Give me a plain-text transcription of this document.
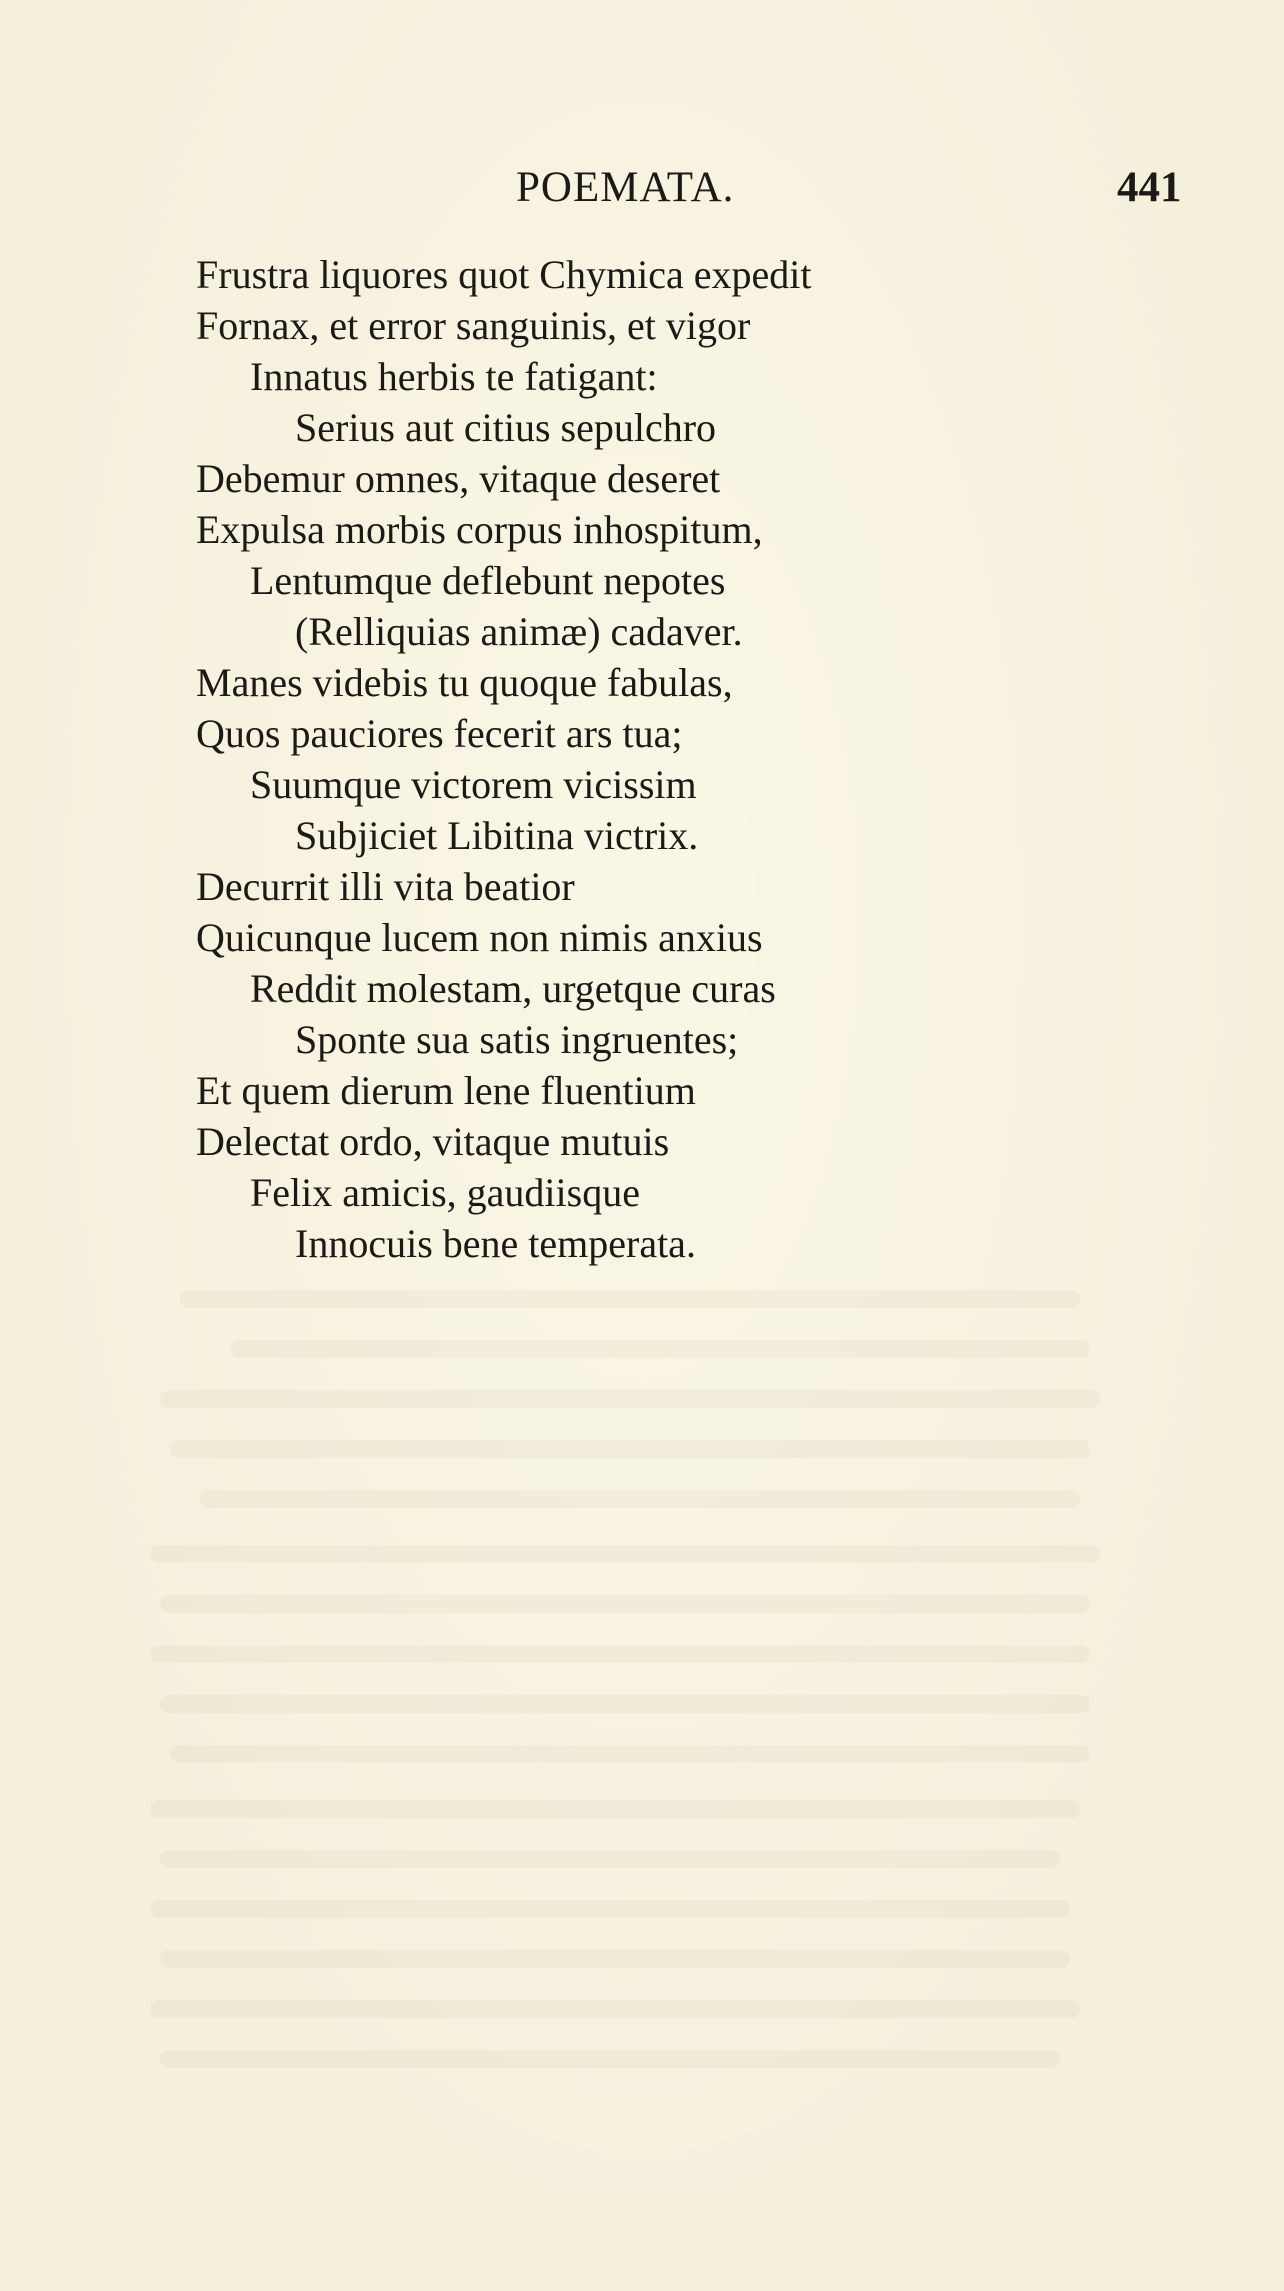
POEMATA.	441
Frustra liquores quot Chymica expedit
Fornax, et error sanguinis, et vigor
Innatus herbis te fatigant:
Serius aut citius sepulchro
Debemur omnes, vitaque deseret
Expulsa morbis corpus inhospitum,
Lentumque deflebunt nepotes
(Relliquias animæ) cadaver.
Manes videbis tu quoque fabulas,
Quos pauciores fecerit ars tua;
Suumque victorem vicissim
Subjiciet Libitina victrix.
Decurrit illi vita beatior
Quicunque lucem non nimis anxius
Reddit molestam, urgetque curas
Sponte sua satis ingruentes;
Et quem dierum lene fluentium
Delectat ordo, vitaque mutuis
Felix amicis, gaudiisque
Innocuis bene temperata.
